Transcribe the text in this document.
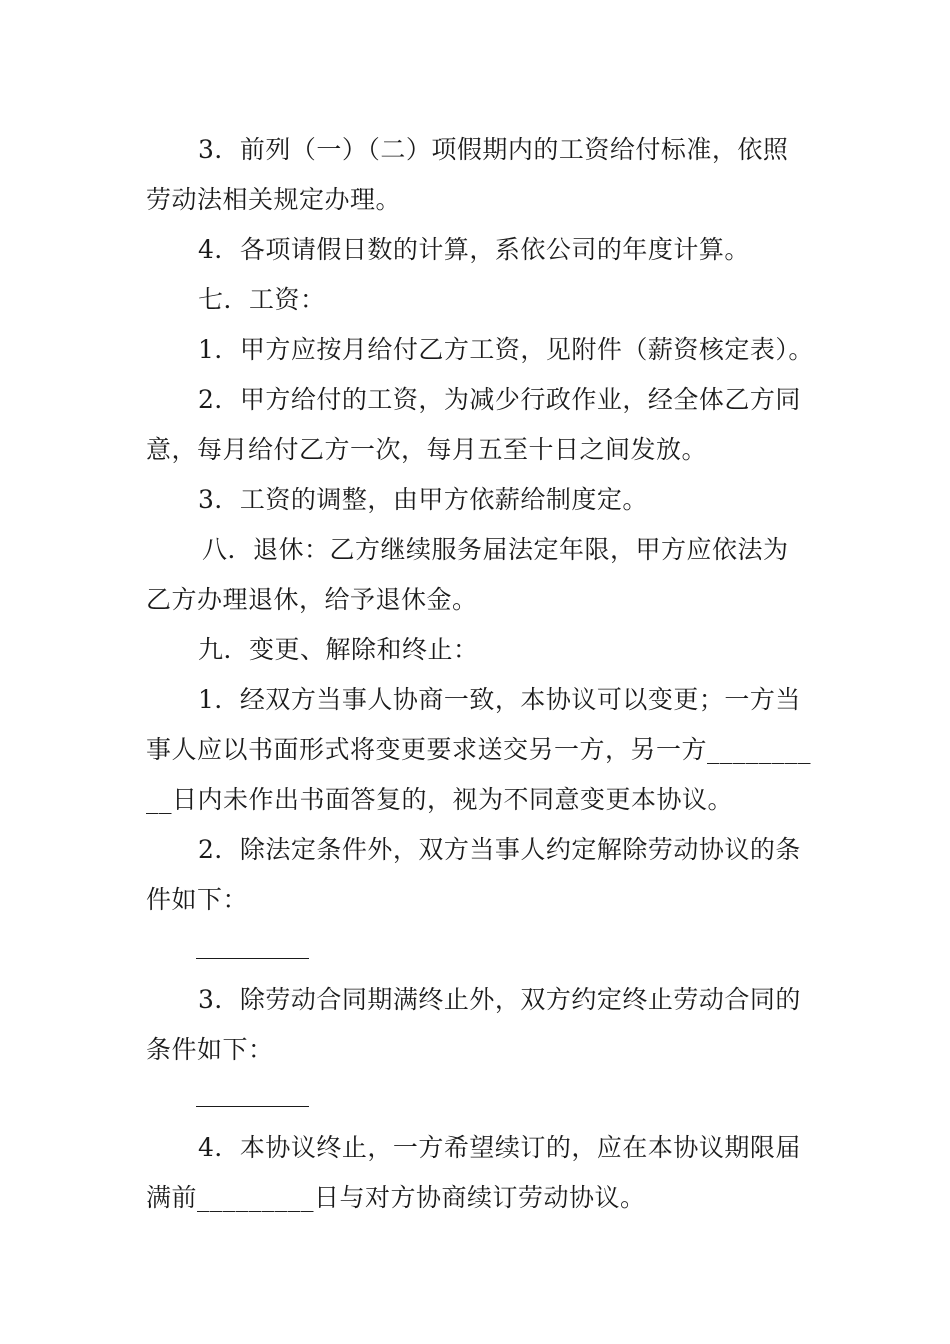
3．前列（一）（二）项假期内的工资给付标准，依照
劳动法相关规定办理。
4．各项请假日数的计算，系依公司的年度计算。
七．工资：
1．甲方应按月给付乙方工资，见附件（薪资核定表）。
2．甲方给付的工资，为减少行政作业，经全体乙方同
意，每月给付乙方一次，每月五至十日之间发放。
3．工资的调整，由甲方依薪给制度定。
八．退休：乙方继续服务届法定年限，甲方应依法为
乙方办理退休，给予退休金。
九．变更、解除和终止：
1．经双方当事人协商一致，本协议可以变更；一方当
事人应以书面形式将变更要求送交另一方，另一方________
__日内未作出书面答复的，视为不同意变更本协议。
2．除法定条件外，双方当事人约定解除劳动协议的条
件如下：
3．除劳动合同期满终止外，双方约定终止劳动合同的
条件如下：
4．本协议终止，一方希望续订的，应在本协议期限届
满前_________日与对方协商续订劳动协议。
